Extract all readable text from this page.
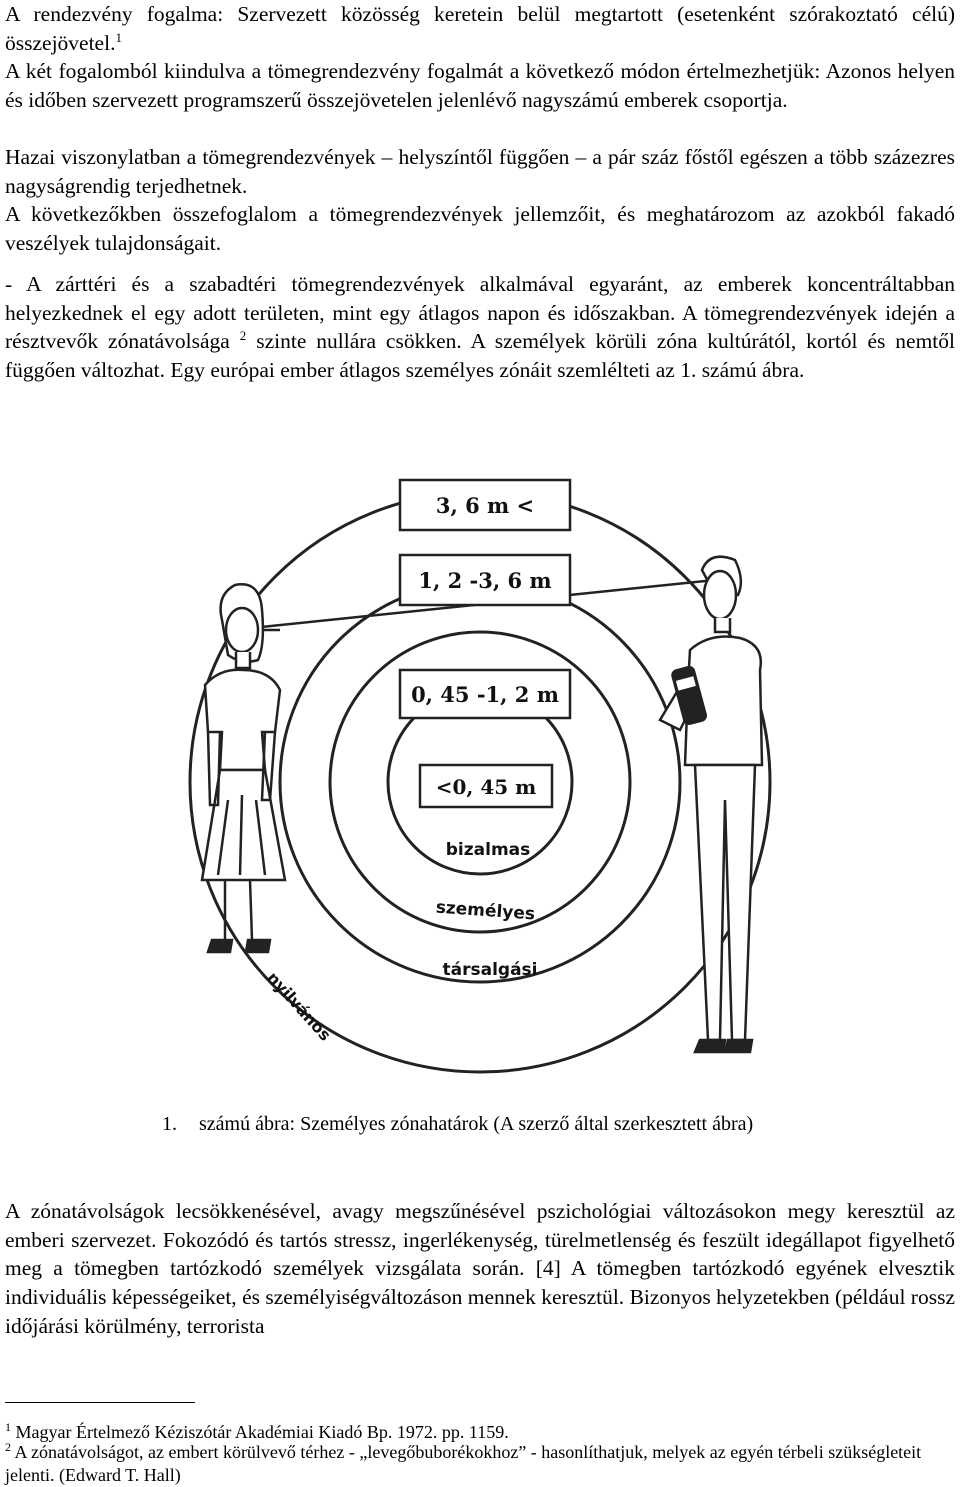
A rendezvény fogalma: Szervezett közösség keretein belül megtartott (esetenként szórakoztató célú) összejövetel.$^1$

A két fogalomból kiindulva a tömegrendezvény fogalmát a következő módon értelmezhetjük: Azonos helyen és időben szervezett programszerű összejövetelen jelenlévő nagyszámú emberek csoportja.

Hazai viszonylatban a tömegrendezvények – helyszíntől függően – a pár száz főstől egészen a több százezres nagyságrendig terjedhetnek.

A következőkben összefoglalom a tömegrendezvények jellemzőit, és meghatározom az azokból fakadó veszélyek tulajdonságait.

- A zárttéri és a szabadtéri tömegrendezvények alkalmával egyaránt, az emberek koncentráltabban helyezkednek el egy adott területen, mint egy átlagos napon és időszakban. A tömegrendezvények idején a résztvevők zónatávolsága $^2$ szinte nullára csökken. A személyek körüli zóna kultúrától, kortól és nemtől függően változhat. Egy európai ember átlagos személyes zónáit szemlélteti az 1. számú ábra.

3, 6 m <
1, 2 -3, 6 m
0, 45 -1, 2 m
<0, 45 m
bizalmas
személyes
társalgási
nyilvános
1. számú ábra: Személyes zónahatárok (A szerző által szerkesztett ábra)

A zónatávolságok lecsökkenésével, avagy megszűnésével pszichológiai változásokon megy keresztül az emberi szervezet. Fokozódó és tartós stressz, ingerlékenység, türelmetlenség és feszült idegállapot figyelhető meg a tömegben tartózkodó személyek vizsgálata során. [4] A tömegben tartózkodó egyének elvesztik individuális képességeiket, és személyiségváltozáson mennek keresztül. Bizonyos helyzetekben (például rossz időjárási körülmény, terrorista

$^1$ Magyar Értelmező Kéziszótár Akadémiai Kiadó Bp. 1972. pp. 1159.

$^2$ A zónatávolságot, az embert körülvevő térhez - „levegőbuborékokhoz” - hasonlíthatjuk, melyek az egyén térbeli szükségleteit jelenti. (Edward T. Hall)
